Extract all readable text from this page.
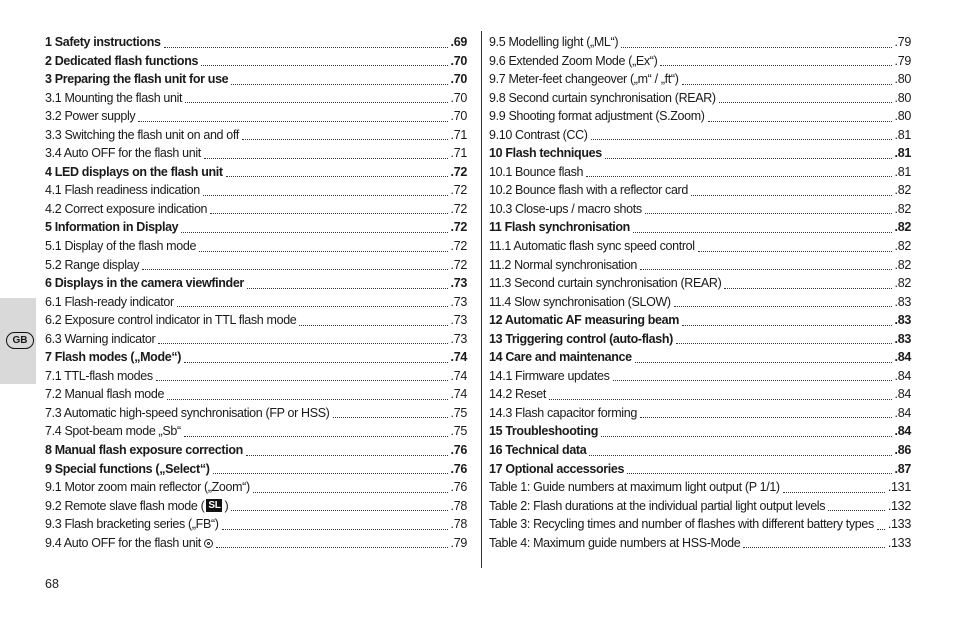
GB
1 Safety instructions	.69
2 Dedicated flash functions	.70
3 Preparing the flash unit for use	.70
3.1 Mounting the flash unit	.70
3.2 Power supply	.70
3.3 Switching the flash unit on and off	.71
3.4 Auto OFF for the flash unit	.71
4 LED displays on the flash unit	.72
4.1 Flash readiness indication	.72
4.2 Correct exposure indication	.72
5 Information in Display	.72
5.1 Display of the flash mode	.72
5.2 Range display	.72
6 Displays in the camera viewfinder	.73
6.1 Flash-ready indicator	.73
6.2 Exposure control indicator in TTL flash mode	.73
6.3 Warning indicator	.73
7 Flash modes („Mode“)	.74
7.1 TTL-flash modes	.74
7.2 Manual flash mode	.74
7.3 Automatic high-speed synchronisation (FP or HSS)	.75
7.4 Spot-beam mode „Sb“	.75
8 Manual flash exposure correction	.76
9 Special functions („Select“)	.76
9.1 Motor zoom main reflector („Zoom“)	.76
9.2 Remote slave flash mode ( SL )	.78
9.3 Flash bracketing series („FB“)	.78
9.4 Auto OFF for the flash unit	.79
9.5 Modelling light („ML“)	.79
9.6 Extended Zoom Mode („Ex“)	.79
9.7 Meter-feet changeover („m“ / „ft“)	.80
9.8 Second curtain synchronisation (REAR)	.80
9.9 Shooting format adjustment (S.Zoom)	.80
9.10 Contrast (CC)	.81
10 Flash techniques	.81
10.1 Bounce flash	.81
10.2 Bounce flash with a reflector card	.82
10.3 Close-ups / macro shots	.82
11 Flash synchronisation	.82
11.1 Automatic flash sync speed control	.82
11.2 Normal synchronisation	.82
11.3 Second curtain synchronisation (REAR)	.82
11.4 Slow synchronisation (SLOW)	.83
12 Automatic AF measuring beam	.83
13 Triggering control (auto-flash)	.83
14 Care and maintenance	.84
14.1 Firmware updates	.84
14.2 Reset	.84
14.3 Flash capacitor forming	.84
15 Troubleshooting	.84
16 Technical data	.86
17 Optional accessories	.87
Table 1: Guide numbers at maximum light output (P 1/1)	.131
Table 2: Flash durations at the individual partial light output levels	.132
Table 3: Recycling times and number of flashes with different battery types .133
Table 4: Maximum guide numbers at HSS-Mode	.133
68
